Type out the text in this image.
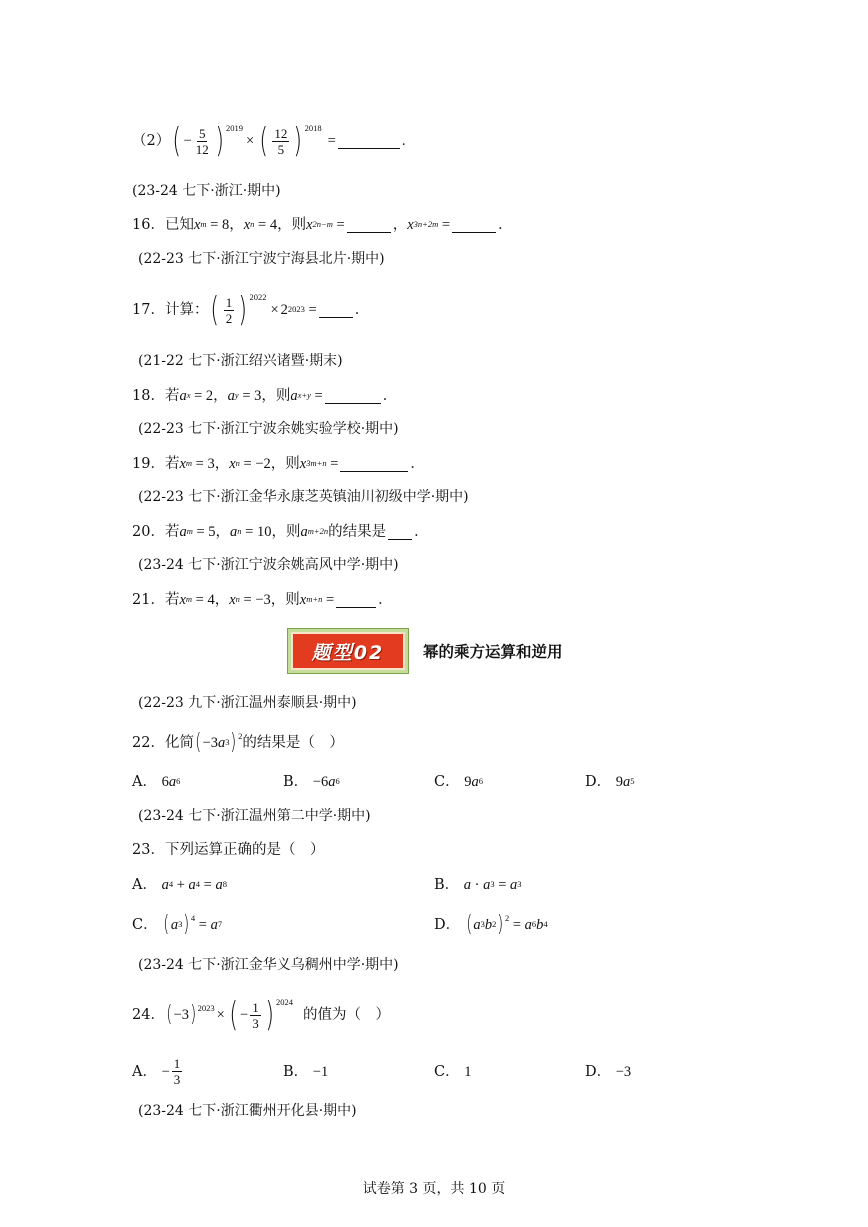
（2） ( − $\frac{5}{12}$ ) 2019
× ( $\frac{12}{5}$ ) 2018
=	.
(23-24 七下·浙江·期中)
16．已知 $x^m = 8$ ， $x^n = 4$ ，则 $x^{2n-m}$ =	， $x^{3n+2m}$ =	．
(22-23 七下·浙江宁波宁海县北片·期中)
17．计算： ( $\frac{1}{2}$ ) 2022
× $2^{2023}$ =	．
(21-22 七下·浙江绍兴诸暨·期末)
18．若 $a^x = 2$ ， $a^y = 3$ ，则 $a^{x+y}$ =	．
(22-23 七下·浙江宁波余姚实验学校·期中)
19．若 $x^m = 3$ ， $x^n = -2$ ，则 $x^{3m+n}$ =	．
(22-23 七下·浙江金华永康芝英镇油川初级中学·期中)
20．若 $a^m = 5$ ， $a^n = 10$ ，则 $a^{m+2n}$ 的结果是 ．
(23-24 七下·浙江宁波余姚高风中学·期中)
21．若 $x^m = 4$ ， $x^n = -3$ ，则 $x^{m+n}$ =	．
题型02	幂的乘方运算和逆用
(22-23 九下·浙江温州泰顺县·期中)
22．化简 ( −3 $a^3$ )$^2$ 的结果是（　）
A．
6 $a^6$	B．
−6 $a^6$	C．
9 $a^6$	D．
9 $a^5$
(23-24 七下·浙江温州第二中学·期中)
23．下列运算正确的是（　）
A．
$a^4 + a^4 = a^8$	B．
$a \cdot a^3 = a^3$
C．
( $a^3$ )$^4 = a^7$	D．
( $a^3$ $b^2$ )$^2 = a^6$ $b^4$
(23-24 七下·浙江金华义乌稠州中学·期中)
24． ( −3 )$^{2023}$ × ( − $\frac{1}{3}$ ) 2024
的值为（　）
A．
− $\frac{1}{3}$	B．
−1	C．
1	D．
−3
(23-24 七下·浙江衢州开化县·期中)
试卷第 3 页，共 10 页
